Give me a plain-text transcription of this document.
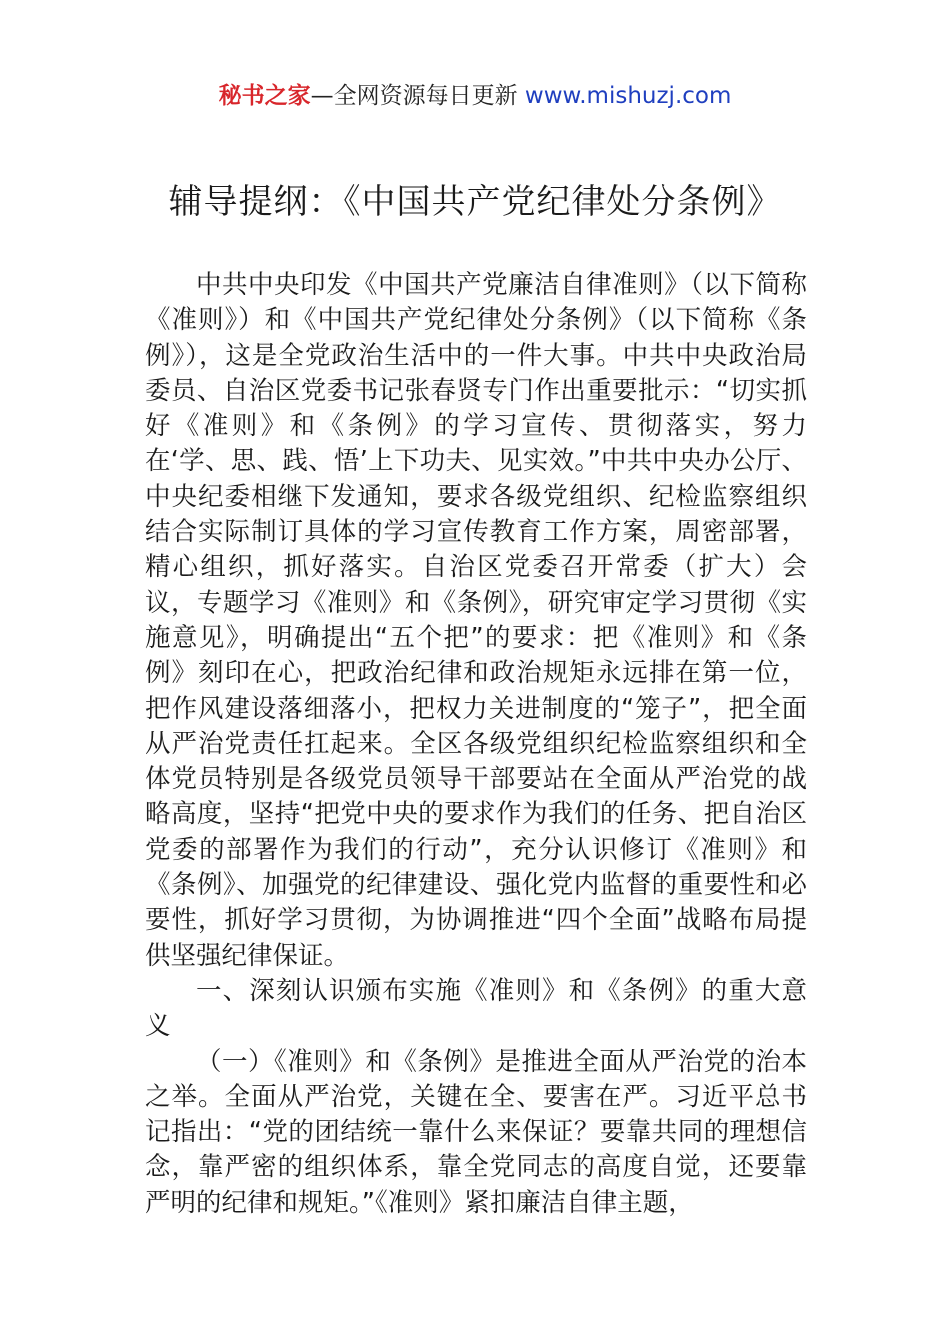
秘书之家—全网资源每日更新 www.mishuzj.com
辅导提纲：《中国共产党纪律处分条例》

中共中央印发《中国共产党廉洁自律准则》（以下简称《准则》）和《中国共产党纪律处分条例》（以下简称《条例》），这是全党政治生活中的一件大事。中共中央政治局委员、自治区党委书记张春贤专门作出重要批示：“切实抓好《准则》和《条例》的学习宣传、贯彻落实，努力在‘学、思、践、悟’上下功夫、见实效。”中共中央办公厅、中央纪委相继下发通知，要求各级党组织、纪检监察组织结合实际制订具体的学习宣传教育工作方案，周密部署，精心组织，抓好落实。自治区党委召开常委（扩大）会议，专题学习《准则》和《条例》，研究审定学习贯彻《实施意见》，明确提出“五个把”的要求：把《准则》和《条例》刻印在心，把政治纪律和政治规矩永远排在第一位，把作风建设落细落小，把权力关进制度的“笼子”，把全面从严治党责任扛起来。全区各级党组织纪检监察组织和全体党员特别是各级党员领导干部要站在全面从严治党的战略高度，坚持“把党中央的要求作为我们的任务、把自治区党委的部署作为我们的行动”，充分认识修订《准则》和《条例》、加强党的纪律建设、强化党内监督的重要性和必要性，抓好学习贯彻，为协调推进“四个全面”战略布局提供坚强纪律保证。

一、深刻认识颁布实施《准则》和《条例》的重大意义

（一）《准则》和《条例》是推进全面从严治党的治本之举。全面从严治党，关键在全、要害在严。习近平总书记指出：“党的团结统一靠什么来保证？要靠共同的理想信念，靠严密的组织体系，靠全党同志的高度自觉，还要靠严明的纪律和规矩。”《准则》紧扣廉洁自律主题，
